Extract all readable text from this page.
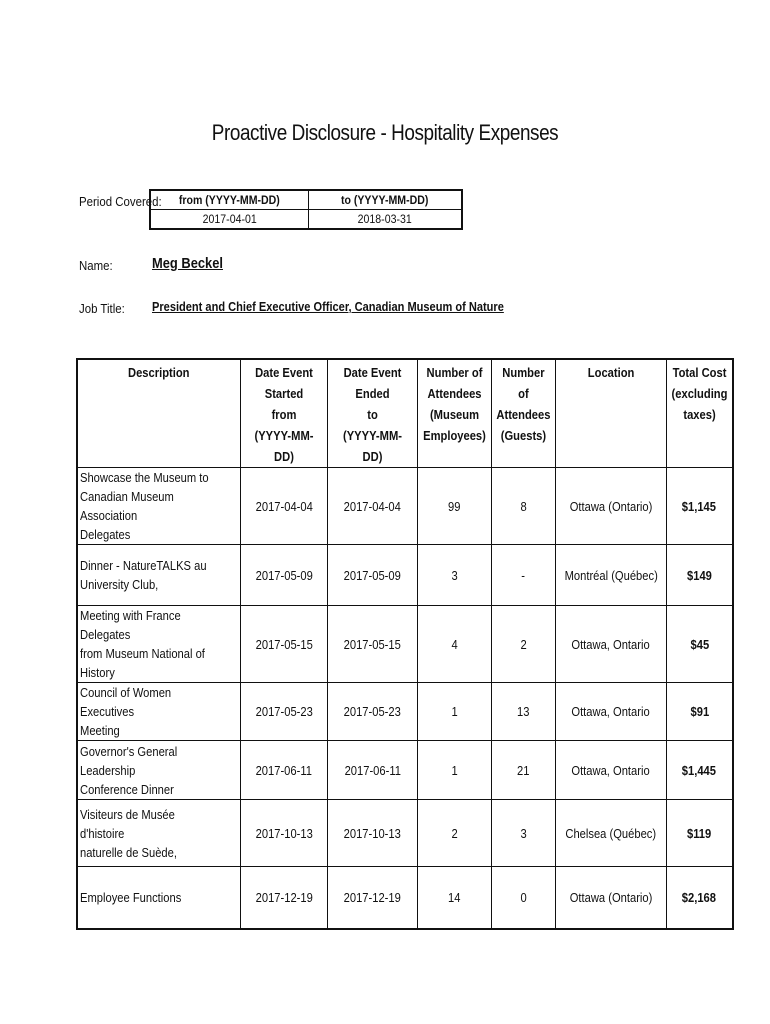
Proactive Disclosure - Hospitality Expenses
Period Covered: from (YYYY-MM-DD)	to (YYYY-MM-DD)
2017-04-01	2018-03-31
Name:	Meg Beckel
Job Title: President and Chief Executive Officer, Canadian Museum of Nature
Description	Date Event
Started
from
(YYYY-MM-DD)	Date Event Ended
to
(YYYY-MM-DD)	Number of
Attendees
(Museum
Employees)	Number of
Attendees
(Guests)	Location	Total Cost
(excluding
taxes)
Showcase the Museum to
Canadian Museum Association
Delegates	2017-04-04	2017-04-04	99	8	Ottawa (Ontario)	$1,145
Dinner - NatureTALKS au
University Club,	2017-05-09	2017-05-09	3	-	Montréal (Québec)	$149
Meeting with France Delegates
from Museum National of History	2017-05-15	2017-05-15	4	2	Ottawa, Ontario	$45
Council of Women Executives
Meeting	2017-05-23	2017-05-23	1	13	Ottawa, Ontario	$91
Governor's General Leadership
Conference Dinner	2017-06-11	2017-06-11	1	21	Ottawa, Ontario	$1,445
Visiteurs de Musée d'histoire
naturelle de Suède,	2017-10-13	2017-10-13	2	3	Chelsea (Québec)	$119
Employee Functions	2017-12-19	2017-12-19	14	0	Ottawa (Ontario)	$2,168
